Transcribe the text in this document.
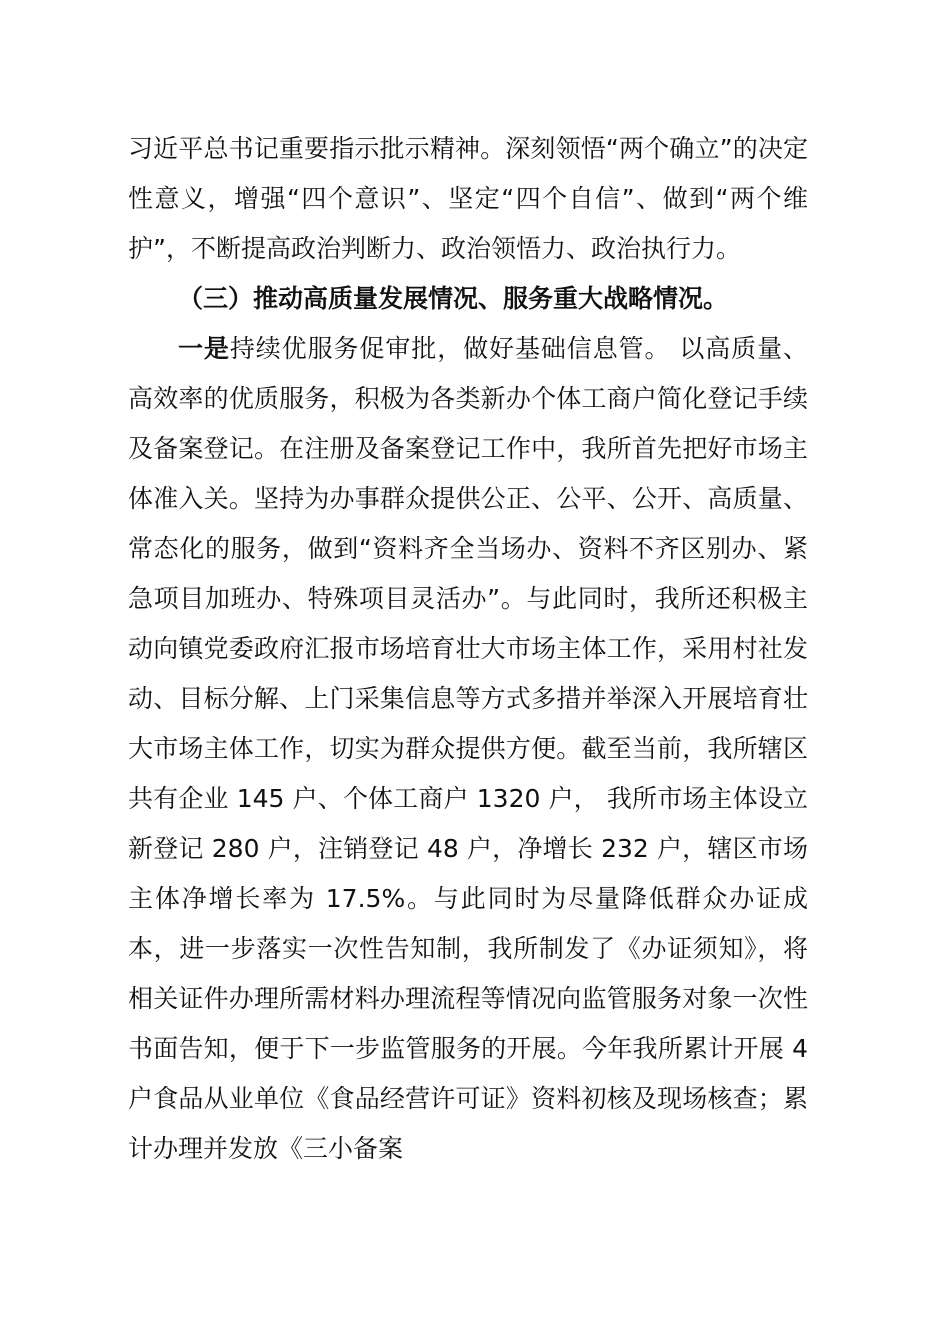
习近平总书记重要指示批示精神。深刻领悟“两个确立”的决定性意义，增强“四个意识”、坚定“四个自信”、做到“两个维护”，不断提高政治判断力、政治领悟力、政治执行力。

（三）推动高质量发展情况、服务重大战略情况。

一是持续优服务促审批，做好基础信息管。 以高质量、高效率的优质服务，积极为各类新办个体工商户简化登记手续及备案登记。在注册及备案登记工作中，我所首先把好市场主体准入关。坚持为办事群众提供公正、公平、公开、高质量、常态化的服务，做到“资料齐全当场办、资料不齐区别办、紧急项目加班办、特殊项目灵活办”。与此同时，我所还积极主动向镇党委政府汇报市场培育壮大市场主体工作，采用村社发动、目标分解、上门采集信息等方式多措并举深入开展培育壮大市场主体工作，切实为群众提供方便。截至当前，我所辖区共有企业 145 户、个体工商户 1320 户， 我所市场主体设立新登记 280 户，注销登记 48 户，净增长 232 户，辖区市场主体净增长率为 17.5%。与此同时为尽量降低群众办证成本，进一步落实一次性告知制，我所制发了《办证须知》，将相关证件办理所需材料办理流程等情况向监管服务对象一次性书面告知，便于下一步监管服务的开展。今年我所累计开展 4 户食品从业单位《食品经营许可证》资料初核及现场核查；累计办理并发放《三小备案
